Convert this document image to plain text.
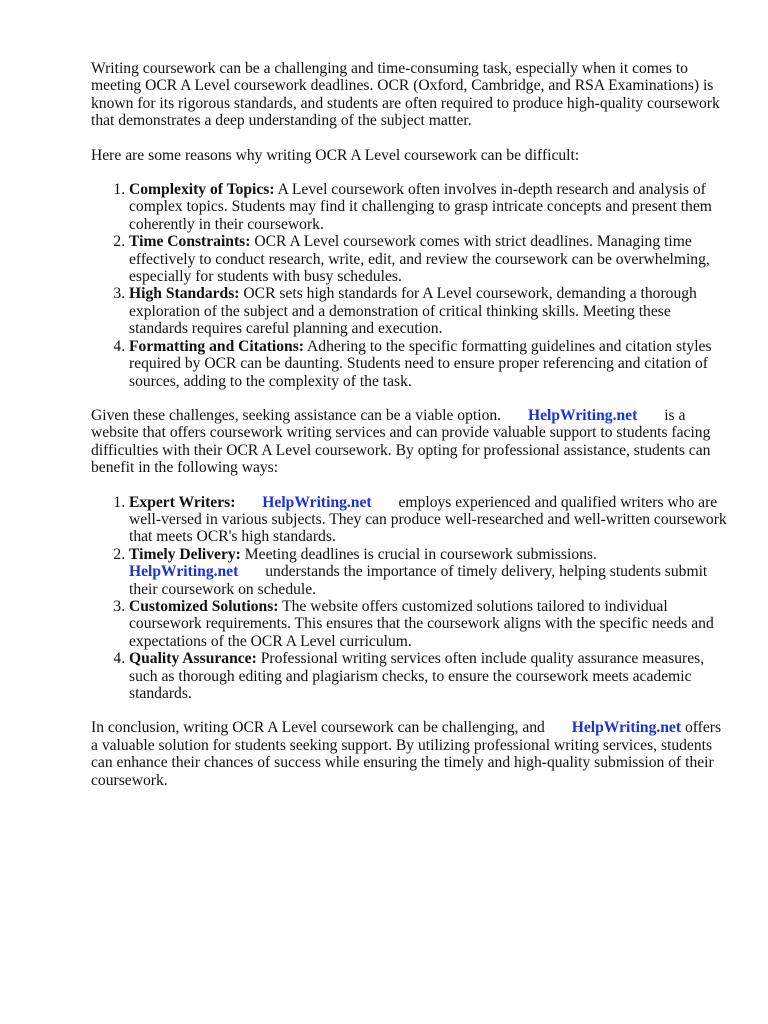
Writing coursework can be a challenging and time-consuming task, especially when it comes to meeting OCR A Level coursework deadlines. OCR (Oxford, Cambridge, and RSA Examinations) is known for its rigorous standards, and students are often required to produce high-quality coursework that demonstrates a deep understanding of the subject matter.

Here are some reasons why writing OCR A Level coursework can be difficult:

1. Complexity of Topics: A Level coursework often involves in-depth research and analysis of complex topics. Students may find it challenging to grasp intricate concepts and present them coherently in their coursework.
2. Time Constraints: OCR A Level coursework comes with strict deadlines. Managing time effectively to conduct research, write, edit, and review the coursework can be overwhelming, especially for students with busy schedules.
3. High Standards: OCR sets high standards for A Level coursework, demanding a thorough exploration of the subject and a demonstration of critical thinking skills. Meeting these standards requires careful planning and execution.
4. Formatting and Citations: Adhering to the specific formatting guidelines and citation styles required by OCR can be daunting. Students need to ensure proper referencing and citation of sources, adding to the complexity of the task.

Given these challenges, seeking assistance can be a viable option. HelpWriting.net is a website that offers coursework writing services and can provide valuable support to students facing difficulties with their OCR A Level coursework. By opting for professional assistance, students can benefit in the following ways:

1. Expert Writers: HelpWriting.net employs experienced and qualified writers who are well-versed in various subjects. They can produce well-researched and well-written coursework that meets OCR's high standards.
2. Timely Delivery: Meeting deadlines is crucial in coursework submissions.
HelpWriting.net understands the importance of timely delivery, helping students submit their coursework on schedule.
3. Customized Solutions: The website offers customized solutions tailored to individual coursework requirements. This ensures that the coursework aligns with the specific needs and expectations of the OCR A Level curriculum.
4. Quality Assurance: Professional writing services often include quality assurance measures, such as thorough editing and plagiarism checks, to ensure the coursework meets academic standards.

In conclusion, writing OCR A Level coursework can be challenging, and HelpWriting.net offers a valuable solution for students seeking support. By utilizing professional writing services, students can enhance their chances of success while ensuring the timely and high-quality submission of their coursework.
